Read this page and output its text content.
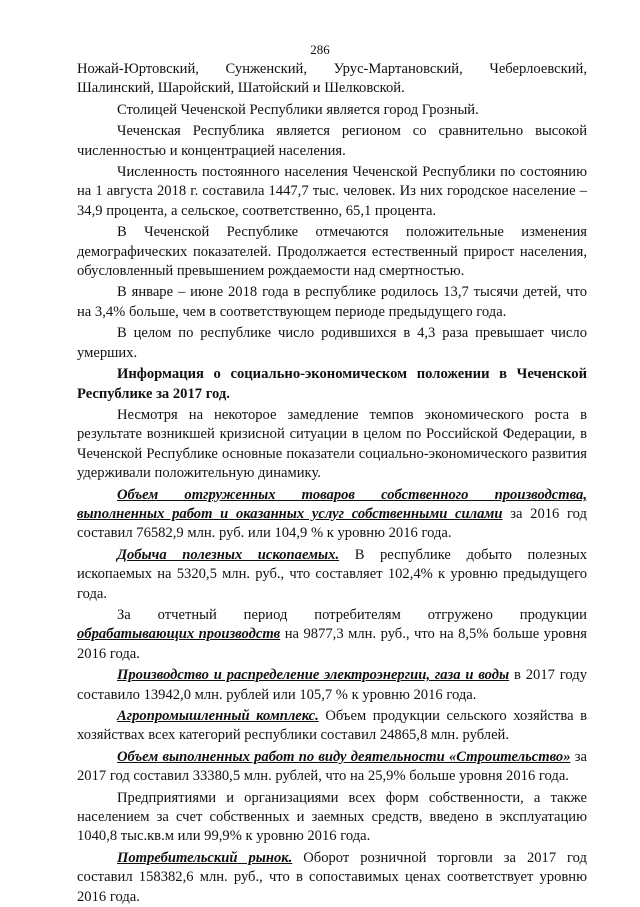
286

Ножай-Юртовский, Сунженский, Урус-Мартановский, Чеберлоевский, Шалинский, Шаройский, Шатойский и Шелковской.

Столицей Чеченской Республики является город Грозный.

Чеченская Республика является регионом со сравнительно высокой численностью и концентрацией населения.

Численность постоянного населения Чеченской Республики по состоянию на 1 августа 2018 г. составила 1447,7 тыс. человек. Из них городское население – 34,9 процента, а сельское, соответственно, 65,1 процента.

В Чеченской Республике отмечаются положительные изменения демографических показателей. Продолжается естественный прирост населения, обусловленный превышением рождаемости над смертностью.

В январе – июне 2018 года в республике родилось 13,7 тысячи детей, что на 3,4% больше, чем в соответствующем периоде предыдущего года.

В целом по республике число родившихся в 4,3 раза превышает число умерших.

Информация о социально-экономическом положении в Чеченской Республике за 2017 год.

Несмотря на некоторое замедление темпов экономического роста в результате возникшей кризисной ситуации в целом по Российской Федерации, в Чеченской Республике основные показатели социально-экономического развития удерживали положительную динамику.

Объем отгруженных товаров собственного производства, выполненных работ и оказанных услуг собственными силами за 2016 год составил 76582,9 млн. руб. или 104,9 % к уровню 2016 года.

Добыча полезных ископаемых. В республике добыто полезных ископаемых на 5320,5 млн. руб., что составляет 102,4% к уровню предыдущего года.

За отчетный период потребителям отгружено продукции обрабатывающих производств на 9877,3 млн. руб., что на 8,5% больше уровня 2016 года.

Производство и распределение электроэнергии, газа и воды в 2017 году составило 13942,0 млн. рублей или 105,7 % к уровню 2016 года.

Агропромышленный комплекс. Объем продукции сельского хозяйства в хозяйствах всех категорий республики составил 24865,8 млн. рублей.

Объем выполненных работ по виду деятельности «Строительство» за 2017 год составил 33380,5 млн. рублей, что на 25,9% больше уровня 2016 года.

Предприятиями и организациями всех форм собственности, а также населением за счет собственных и заемных средств, введено в эксплуатацию 1040,8 тыс.кв.м или 99,9% к уровню 2016 года.

Потребительский рынок. Оборот розничной торговли за 2017 год составил 158382,6 млн. руб., что в сопоставимых ценах соответствует уровню 2016 года.
